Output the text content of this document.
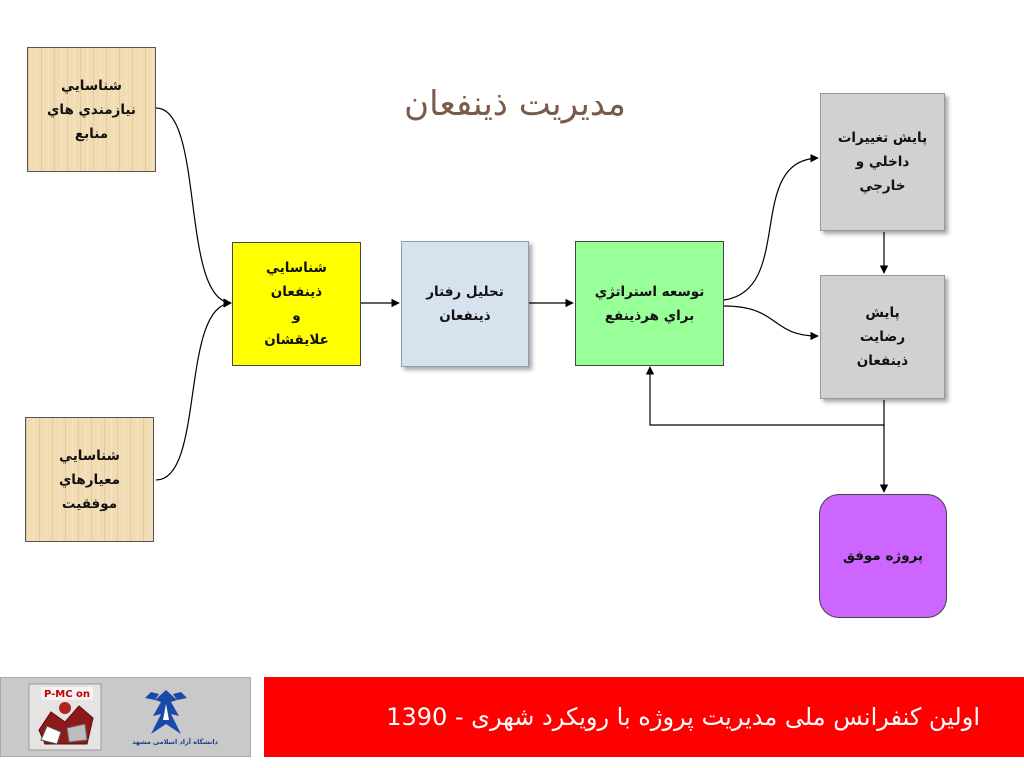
مديريت ذينفعان
شناسايي
نيازمندي هاي
منابع
شناسايي
معيارهاي
موفقيت
شناسايي
ذينفعان
و
علايقشان
تحليل رفتار
ذينفعان
توسعه استراتژي
براي هرذينفع
پايش تغييرات
داخلي و
خارجي
پايش
رضايت
ذينفعان
پروژه موفق
P-MC on
دانشگاه آزاد اسلامی مشهد
اولين كنفرانس ملی مديريت پروژه با رويكرد شهری - 1390
